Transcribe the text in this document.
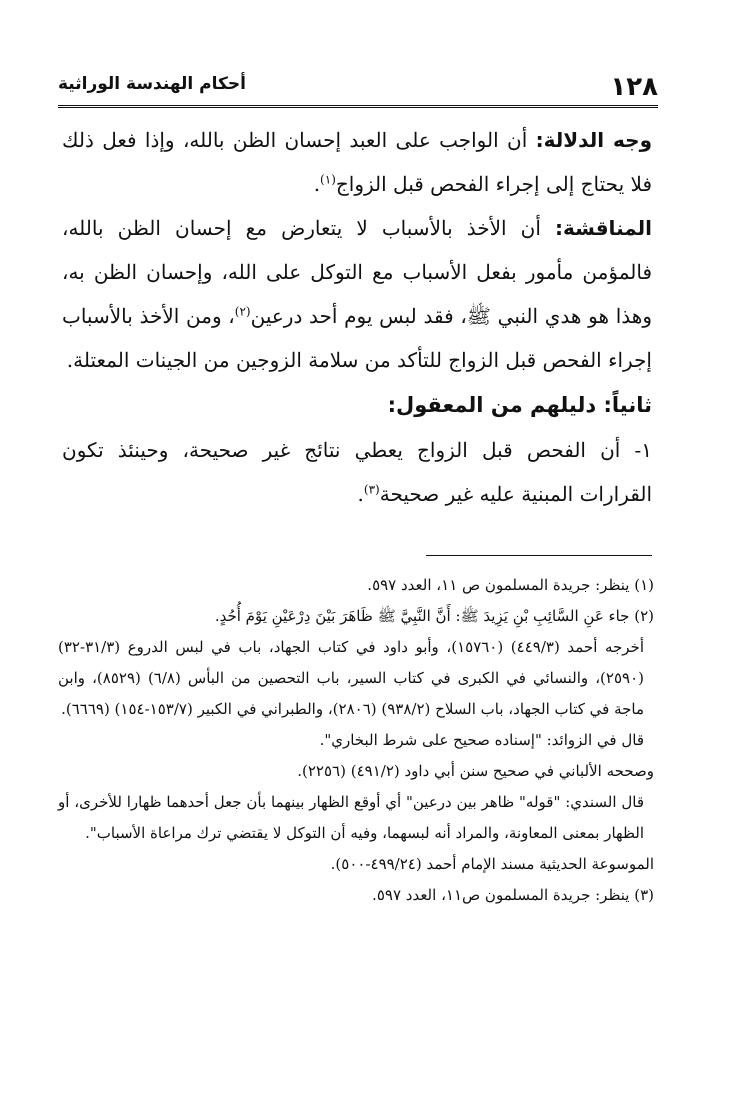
١٢٨
أحكام الهندسة الوراثية

وجه الدلالة: أن الواجب على العبد إحسان الظن بالله، وإذا فعل ذلك فلا يحتاج إلى إجراء الفحص قبل الزواج$^{(١)}$.

المناقشة: أن الأخذ بالأسباب لا يتعارض مع إحسان الظن بالله، فالمؤمن مأمور بفعل الأسباب مع التوكل على الله، وإحسان الظن به، وهذا هو هدي النبي ﷺ، فقد لبس يوم أحد درعين$^{(٢)}$، ومن الأخذ بالأسباب إجراء الفحص قبل الزواج للتأكد من سلامة الزوجين من الجينات المعتلة.

ثانياً: دليلهم من المعقول:

١- أن الفحص قبل الزواج يعطي نتائج غير صحيحة، وحينئذ تكون القرارات المبنية عليه غير صحيحة$^{(٣)}$.

(١) ينظر: جريدة المسلمون ص ١١، العدد ٥٩٧.

(٢) جاء عَنِ السَّائِبِ بْنِ يَزِيدَ ﷺ: أَنَّ النَّبِيَّ ﷺ ظَاهَرَ بَيْنَ دِرْعَيْنِ يَوْمَ أُحُدٍ.

أخرجه أحمد (٤٤٩/٣) (١٥٧٦٠)، وأبو داود في كتاب الجهاد، باب في لبس الدروع (٣١/٣-٣٢) (٢٥٩٠)، والنسائي في الكبرى في كتاب السير، باب التحصين من البأس (٦/٨) (٨٥٢٩)، وابن ماجة في كتاب الجهاد، باب السلاح (٩٣٨/٢) (٢٨٠٦)، والطبراني في الكبير (١٥٣/٧-١٥٤) (٦٦٦٩).

قال في الزوائد: "إسناده صحيح على شرط البخاري".

وصححه الألباني في صحيح سنن أبي داود (٤٩١/٢) (٢٢٥٦).

قال السندي: "قوله" ظاهر بين درعين" أي أوقع الظهار بينهما بأن جعل أحدهما ظهارا للأخرى، أو الظهار بمعنى المعاونة، والمراد أنه لبسهما، وفيه أن التوكل لا يقتضي ترك مراعاة الأسباب".

الموسوعة الحديثية مسند الإمام أحمد (٤٩٩/٢٤-٥٠٠).

(٣) ينظر: جريدة المسلمون ص١١، العدد ٥٩٧.
